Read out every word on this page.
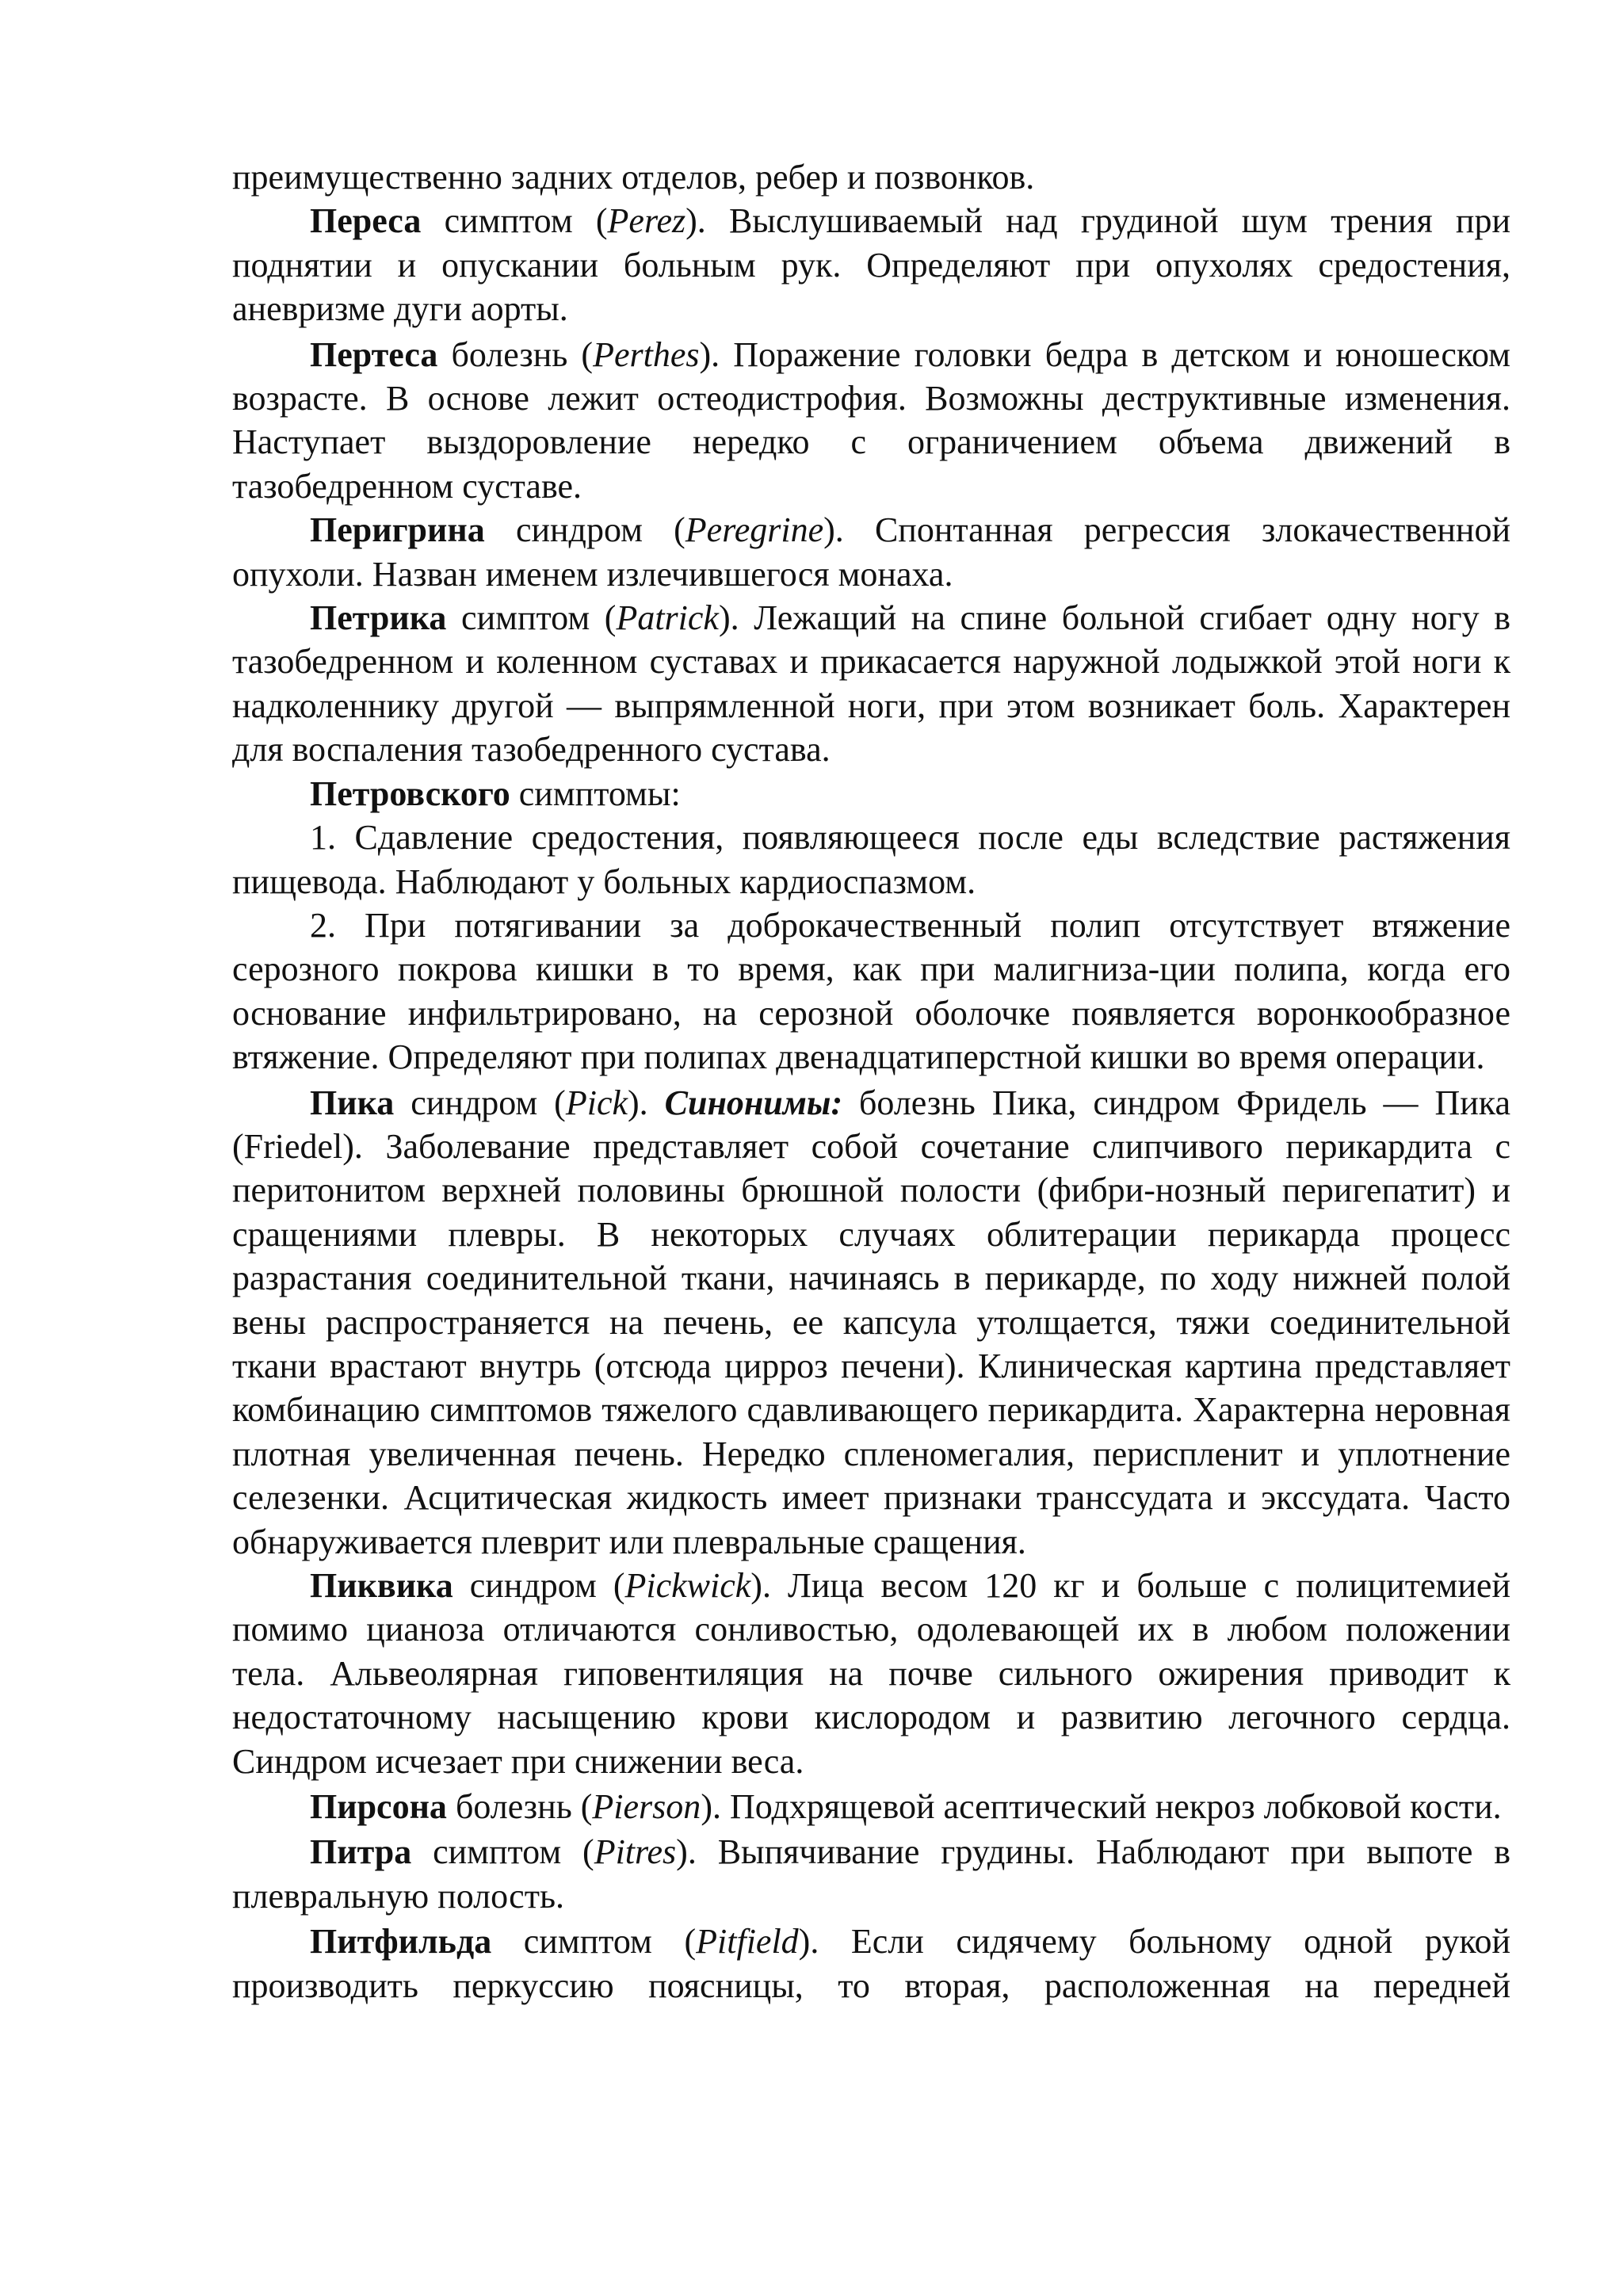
преимущественно задних отделов, ребер и позвонков.

Переса симптом (Perez). Выслушиваемый над грудиной шум трения при поднятии и опускании больным рук. Определяют при опухолях средостения, аневризме дуги аорты.

Пертеса болезнь (Perthes). Поражение головки бедра в детском и юношеском возрасте. В основе лежит остеодистрофия. Возможны деструктивные изменения. Наступает выздоровление нередко с ограничением объема движений в тазобедренном суставе.

Перигрина синдром (Peregrine). Спонтанная регрессия злокачественной опухоли. Назван именем излечившегося монаха.

Петрика симптом (Patrick). Лежащий на спине больной сгибает одну ногу в тазобедренном и коленном суставах и прикасается наружной лодыжкой этой ноги к надколеннику другой — выпрямленной ноги, при этом возникает боль. Характерен для воспаления тазобедренного сустава.

Петровского симптомы:

1. Сдавление средостения, появляющееся после еды вследствие растяжения пищевода. Наблюдают у больных кардиоспазмом.

2. При потягивании за доброкачественный полип отсутствует втяжение серозного покрова кишки в то время, как при малигниза-ции полипа, когда его основание инфильтрировано, на серозной оболочке появляется воронкообразное втяжение. Определяют при полипах двенадцатиперстной кишки во время операции.

Пика синдром (Pick). Синонимы: болезнь Пика, синдром Фридель — Пика (Friedel). Заболевание представляет собой сочетание слипчивого перикардита с перитонитом верхней половины брюшной полости (фибри-нозный перигепатит) и сращениями плевры. В некоторых случаях облитерации перикарда процесс разрастания соединительной ткани, начинаясь в перикарде, по ходу нижней полой вены распространяется на печень, ее капсула утолщается, тяжи соединительной ткани врастают внутрь (отсюда цирроз печени). Клиническая картина представляет комбинацию симптомов тяжелого сдавливающего перикардита. Характерна неровная плотная увеличенная печень. Нередко спленомегалия, периспленит и уплотнение селезенки. Асцитическая жидкость имеет признаки транссудата и экссудата. Часто обнаруживается плеврит или плевральные сращения.

Пиквика синдром (Pickwick). Лица весом 120 кг и больше с полицитемией помимо цианоза отличаются сонливостью, одолевающей их в любом положении тела. Альвеолярная гиповентиляция на почве сильного ожирения приводит к недостаточному насыщению крови кислородом и развитию легочного сердца. Синдром исчезает при снижении веса.

Пирсона болезнь (Pierson). Подхрящевой асептический некроз лобковой кости.

Питра симптом (Pitres). Выпячивание грудины. Наблюдают при выпоте в плевральную полость.

Питфильда симптом (Pitfield). Если сидячему больному одной рукой производить перкуссию поясницы, то вторая, расположенная на передней
